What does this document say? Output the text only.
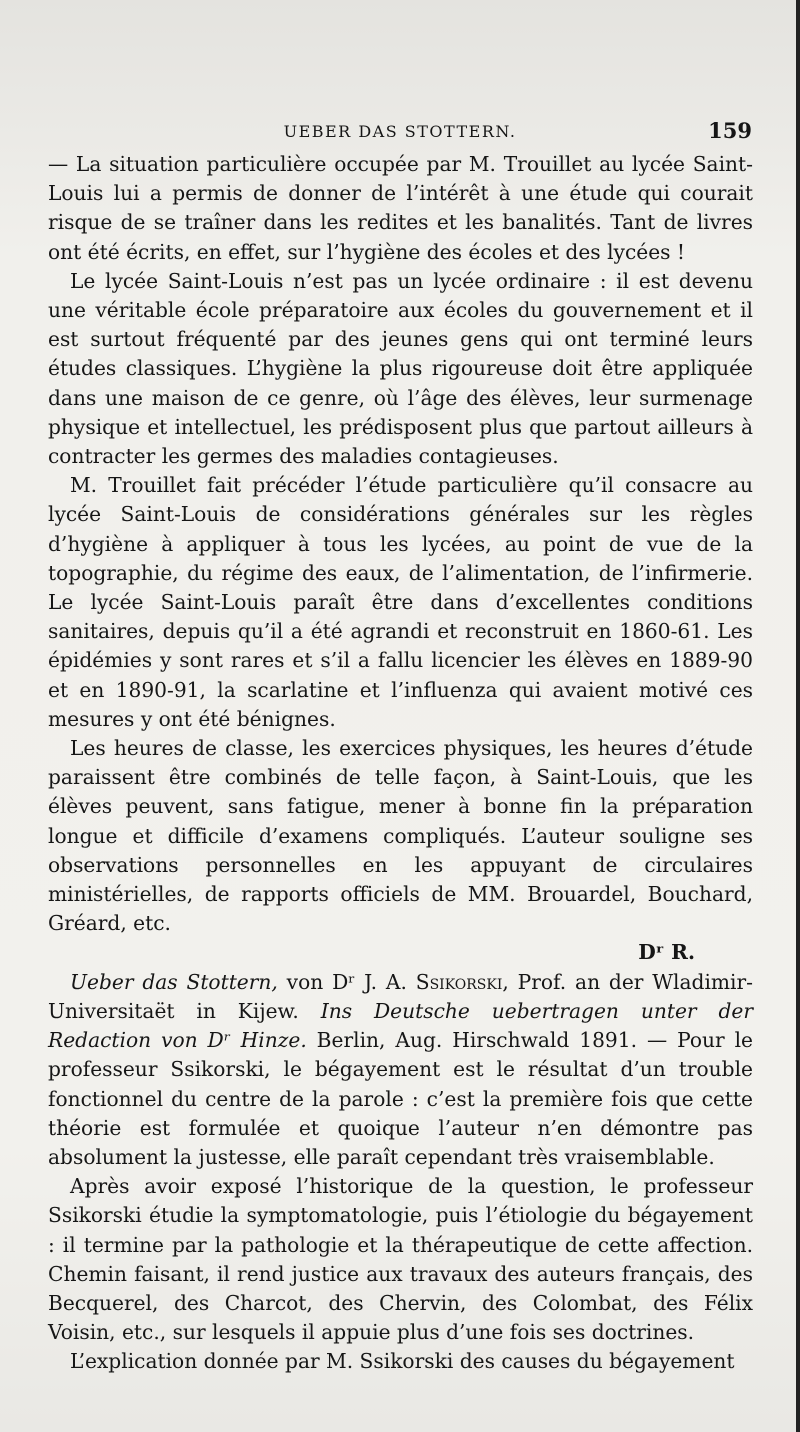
UEBER DAS STOTTERN.	159

— La situation particulière occupée par M. Trouillet au lycée Saint-Louis lui a permis de donner de l’intérêt à une étude qui courait risque de se traîner dans les redites et les banalités. Tant de livres ont été écrits, en effet, sur l’hygiène des écoles et des lycées !

Le lycée Saint-Louis n’est pas un lycée ordinaire : il est devenu une véritable école préparatoire aux écoles du gouvernement et il est surtout fréquenté par des jeunes gens qui ont terminé leurs études classiques. L’hygiène la plus rigoureuse doit être appliquée dans une maison de ce genre, où l’âge des élèves, leur surmenage physique et intellectuel, les prédisposent plus que partout ailleurs à contracter les germes des maladies contagieuses.

M. Trouillet fait précéder l’étude particulière qu’il consacre au lycée Saint-Louis de considérations générales sur les règles d’hygiène à appliquer à tous les lycées, au point de vue de la topographie, du régime des eaux, de l’alimentation, de l’infirmerie. Le lycée Saint-Louis paraît être dans d’excellentes conditions sanitaires, depuis qu’il a été agrandi et reconstruit en 1860-61. Les épidémies y sont rares et s’il a fallu licencier les élèves en 1889-90 et en 1890-91, la scarlatine et l’influenza qui avaient motivé ces mesures y ont été bénignes.

Les heures de classe, les exercices physiques, les heures d’étude paraissent être combinés de telle façon, à Saint-Louis, que les élèves peuvent, sans fatigue, mener à bonne fin la préparation longue et difficile d’examens compliqués. L’auteur souligne ses observations personnelles en les appuyant de circulaires ministérielles, de rapports officiels de MM. Brouardel, Bouchard, Gréard, etc.

Dʳ R.

Ueber das Stottern, von Dʳ J. A. Ssikorski, Prof. an der Wladimir-Universitaët in Kijew. Ins Deutsche uebertragen unter der Redaction von Dʳ Hinze. Berlin, Aug. Hirschwald 1891. — Pour le professeur Ssikorski, le bégayement est le résultat d’un trouble fonctionnel du centre de la parole : c’est la première fois que cette théorie est formulée et quoique l’auteur n’en démontre pas absolument la justesse, elle paraît cependant très vraisemblable.

Après avoir exposé l’historique de la question, le professeur Ssikorski étudie la symptomatologie, puis l’étiologie du bégayement : il termine par la pathologie et la thérapeutique de cette affection. Chemin faisant, il rend justice aux travaux des auteurs français, des Becquerel, des Charcot, des Chervin, des Colombat, des Félix Voisin, etc., sur lesquels il appuie plus d’une fois ses doctrines.

L’explication donnée par M. Ssikorski des causes du bégayement
